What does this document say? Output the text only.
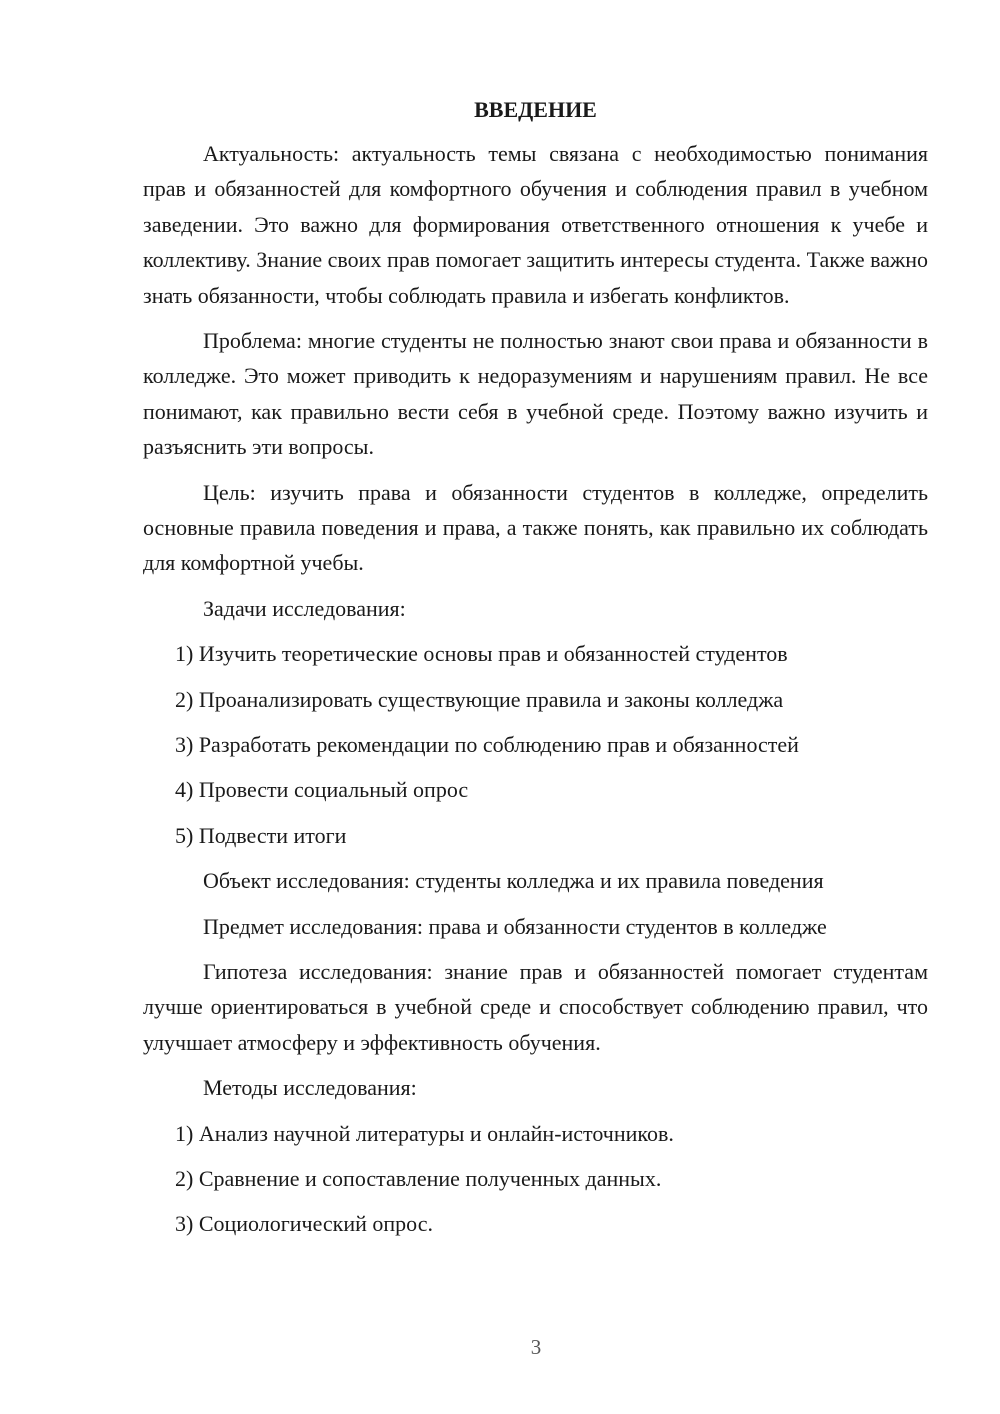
ВВЕДЕНИЕ

Актуальность: актуальность темы связана с необходимостью понимания прав и обязанностей для комфортного обучения и соблюдения правил в учебном заведении. Это важно для формирования ответственного отношения к учебе и коллективу. Знание своих прав помогает защитить интересы студента. Также важно знать обязанности, чтобы соблюдать правила и избегать конфликтов.

Проблема: многие студенты не полностью знают свои права и обязанности в колледже. Это может приводить к недоразумениям и нарушениям правил. Не все понимают, как правильно вести себя в учебной среде. Поэтому важно изучить и разъяснить эти вопросы.

Цель: изучить права и обязанности студентов в колледже, определить основные правила поведения и права, а также понять, как правильно их соблюдать для комфортной учебы.

Задачи исследования:
1) Изучить теоретические основы прав и обязанностей студентов
2) Проанализировать существующие правила и законы колледжа
3) Разработать рекомендации по соблюдению прав и обязанностей
4) Провести социальный опрос
5) Подвести итоги
Объект исследования: студенты колледжа и их правила поведения
Предмет исследования: права и обязанности студентов в колледже

Гипотеза исследования: знание прав и обязанностей помогает студентам лучше ориентироваться в учебной среде и способствует соблюдению правил, что улучшает атмосферу и эффективность обучения.

Методы исследования:
1) Анализ научной литературы и онлайн-источников.
2) Сравнение и сопоставление полученных данных.
3) Социологический опрос.
3
